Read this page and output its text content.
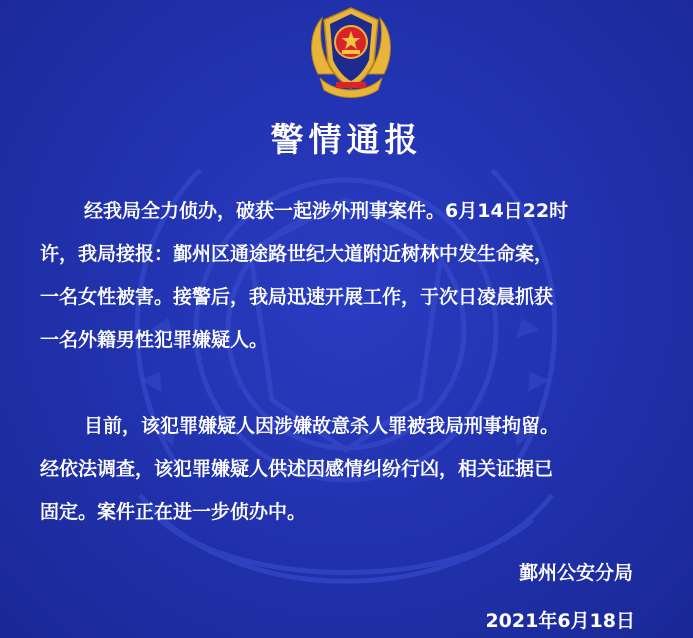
警情通报
经我局全力侦办，破获一起涉外刑事案件。6月14日22时
许，我局接报：鄞州区通途路世纪大道附近树林中发生命案，
一名女性被害。接警后，我局迅速开展工作，于次日凌晨抓获
一名外籍男性犯罪嫌疑人。
目前，该犯罪嫌疑人因涉嫌故意杀人罪被我局刑事拘留。
经依法调查，该犯罪嫌疑人供述因感情纠纷行凶，相关证据已
固定。案件正在进一步侦办中。
鄞州公安分局
2021年6月18日
